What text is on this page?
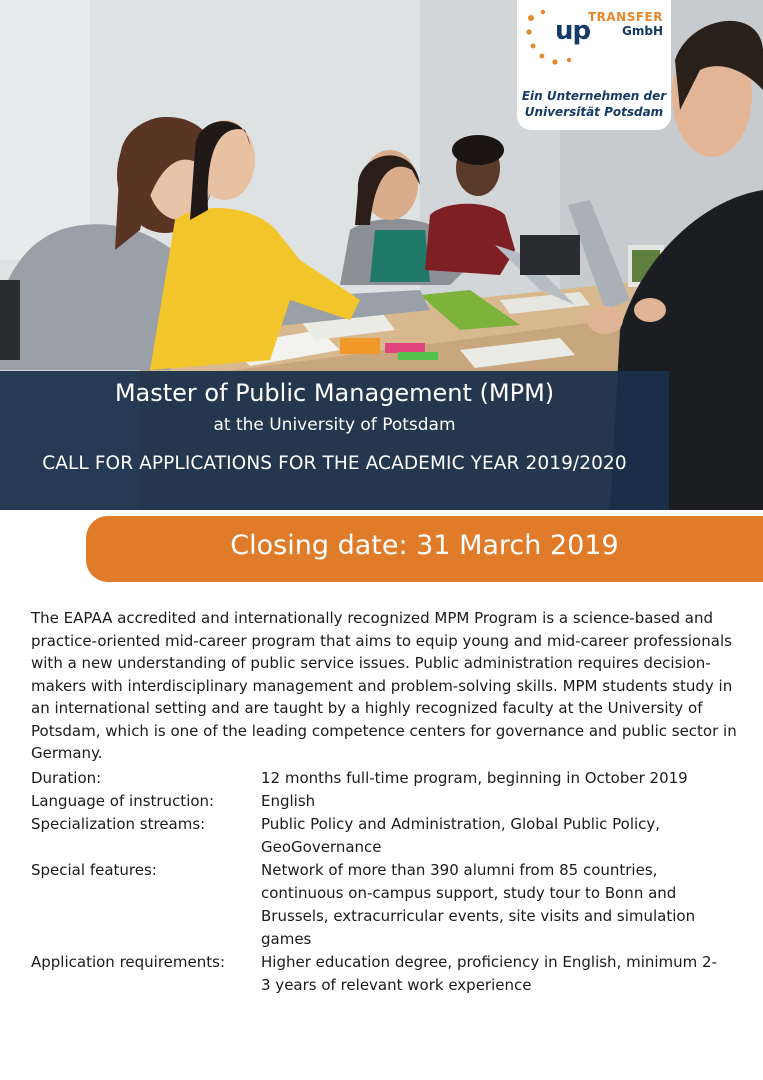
up
TRANSFER
GmbH
Ein Unternehmen der
Universität Potsdam
Master of Public Management (MPM)
at the University of Potsdam
CALL FOR APPLICATIONS FOR THE ACADEMIC YEAR 2019/2020
Closing date: 31 March 2019
The EAPAA accredited and internationally recognized MPM Program is a science-based and practice-oriented mid-career program that aims to equip young and mid-career professionals with a new understanding of public service issues. Public administration requires decision-makers with interdisciplinary management and problem-solving skills. MPM students study in an international setting and are taught by a highly recognized faculty at the University of Potsdam, which is one of the leading competence centers for governance and public sector in Germany.
Duration:	12 months full-time program, beginning in October 2019
Language of instruction:	English
Specialization streams:	Public Policy and Administration, Global Public Policy, GeoGovernance
Special features:	Network of more than 390 alumni from 85 countries, continuous on-campus support, study tour to Bonn and Brussels, extracurricular events, site visits and simulation games
Application requirements:	Higher education degree, proficiency in English, minimum 2-3 years of relevant work experience
